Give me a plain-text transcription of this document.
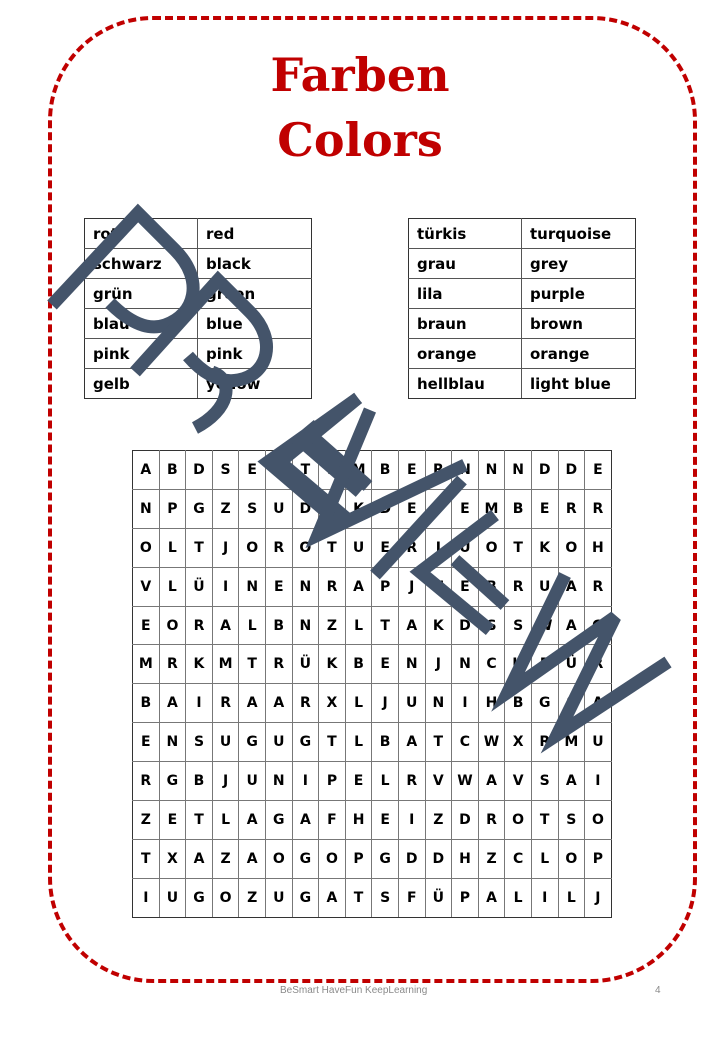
Farben
Colors
rot	red
schwarz	black
grün	green
blau	blue
pink	pink
gelb	yellow
türkis	turquoise
grau	grey
lila	purple
braun	brown
orange	orange
hellblau	light blue
A	B	D	S	E	P	T	E	M	B	E	R	N	N	N	D	D	E
N	P	G	Z	S	U	D	M	K	D	E	P	E	M	B	E	R	R
O	L	T	J	O	R	O	T	U	E	R	I	Ü	O	T	K	O	H
V	L	Ü	I	N	E	N	R	A	P	J	N	E	B	R	U	A	R
E	O	R	A	L	B	N	Z	L	T	A	K	D	S	S	W	A	G
M	R	K	M	T	R	Ü	K	B	E	N	J	N	C	H	E	Ü	R
B	A	I	R	A	A	R	X	L	J	U	N	I	H	B	G	S	A
E	N	S	U	G	U	G	T	L	B	A	T	C	W	X	R	M	U
R	G	B	J	U	N	I	P	E	L	R	V	W	A	V	S	A	I
Z	E	T	L	A	G	A	F	H	E	I	Z	D	R	O	T	S	O
T	X	A	Z	A	O	G	O	P	G	D	D	H	Z	C	L	O	P
I	U	G	O	Z	U	G	A	T	S	F	Ü	P	A	L	I	L	J
BeSmart HaveFun KeepLearning	4
